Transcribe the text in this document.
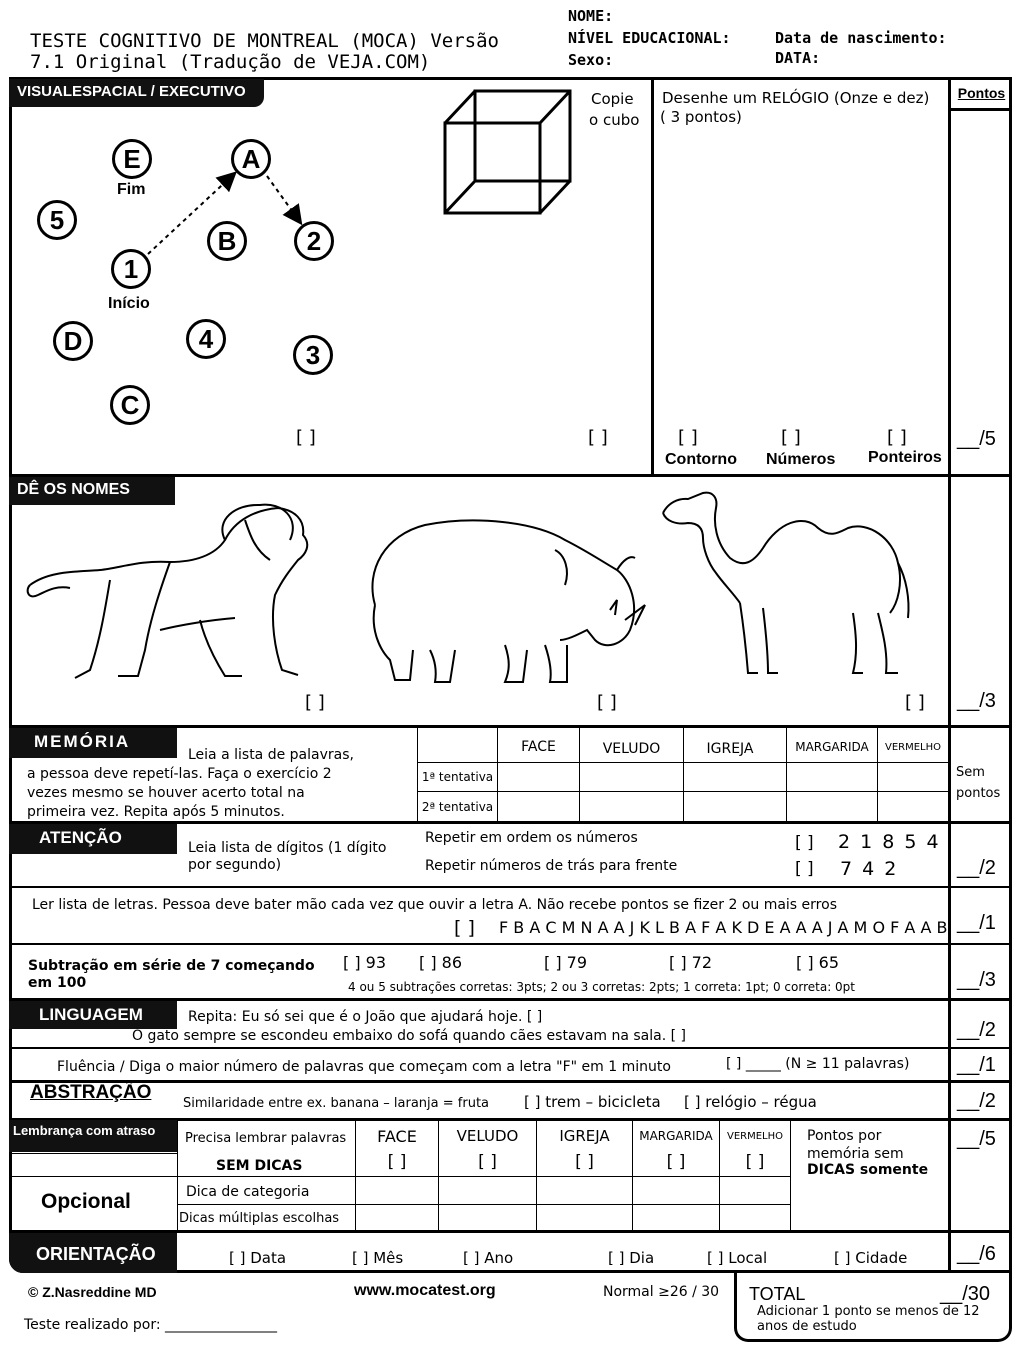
TESTE COGNITIVO DE MONTREAL (MOCA) Versão
7.1 Original (Tradução de VEJA.COM)
NOME:
NÍVEL EDUCACIONAL:
Sexo:
Data de nascimento:
DATA:
Pontos
VISUALESPACIAL / EXECUTIVO
E
Fim
A
5
B	2
1
Início
D	4
3
C
[ ]
Copie
o cubo
[ ]
Desenhe um RELÓGIO (Onze e dez)
( 3 pontos)
[ ]	[ ]	[ ]
Contorno Números Ponteiros
__/5
DÊ OS NOMES
[ ]	[ ]	[ ] __/3
MEMÓRIA
Leia a lista de palavras,
a pessoa deve repetí-las. Faça o exercício 2
vezes mesmo se houver acerto total na
primeira vez. Repita após 5 minutos.
FACE	VELUDO	IGREJA	MARGARIDA	VERMELHO
1ª tentativa
2ª tentativa
Sem
pontos
ATENÇÃO
Leia lista de dígitos (1 dígito
por segundo)
Repetir em ordem os números	[ ] 2 1 8 5 4
Repetir números de trás para frente	[ ] 7 4 2	__/2
Ler lista de letras. Pessoa deve bater mão cada vez que ouvir a letra A. Não recebe pontos se fizer 2 ou mais erros
[ ] F B A C M N A A J K L B A F A K D E A A A J A M O F A A B __/1
Subtração em série de 7 começando
em 100
[ ] 93 [ ] 86	[ ] 79	[ ] 72	[ ] 65
4 ou 5 subtrações corretas: 3pts; 2 ou 3 corretas: 2pts; 1 correta: 1pt; 0 correta: 0pt	__/3
LINGUAGEM	Repita: Eu só sei que é o João que ajudará hoje. [ ]
O gato sempre se escondeu embaixo do sofá quando cães estavam na sala. [ ]	__/2
Fluência / Diga o maior número de palavras que começam com a letra "F" em 1 minuto	[ ] _____ (N ≥ 11 palavras) __/1
ABSTRAÇÃO
Similaridade entre ex. banana – laranja = fruta [ ] trem – bicicleta [ ] relógio – régua	__/2
Lembrança com atraso
Precisa lembrar palavras
SEM DICAS
FACE	VELUDO	IGREJA	MARGARIDA	VERMELHO
[ ]	[ ]	[ ]	[ ]	[ ]
Pontos por
memória sem
DICAS somente
__/5
Opcional	Dica de categoria
Dicas múltiplas escolhas
ORIENTAÇÃO	[ ] Data	[ ] Mês	[ ] Ano	[ ] Dia	[ ] Local	[ ] Cidade __/6
© Z.Nasreddine MD	www.mocatest.org	Normal ≥26 / 30 TOTAL	__/30
Adicionar 1 ponto se menos de 12
anos de estudo
Teste realizado por: ________________
